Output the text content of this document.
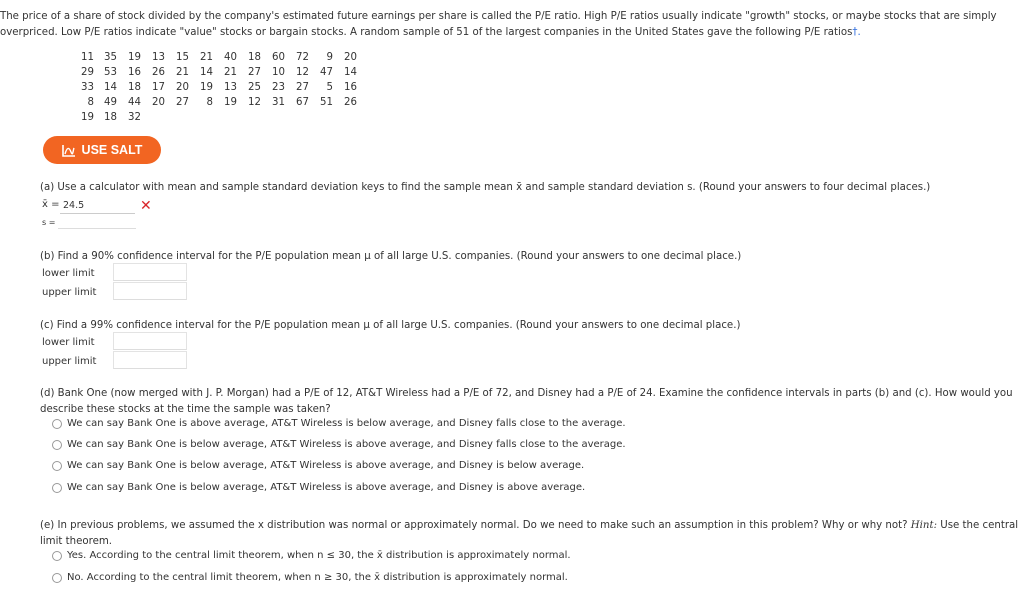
The price of a share of stock divided by the company's estimated future earnings per share is called the P/E ratio. High P/E ratios usually indicate "growth" stocks, or maybe stocks that are simply overpriced. Low P/E ratios indicate "value" stocks or bargain stocks. A random sample of 51 of the largest companies in the United States gave the following P/E ratios†.
11	35	19	13	15	21	40	18	60	72	9	20
29	53	16	26	21	14	21	27	10	12	47	14
33	14	18	17	20	19	13	25	23	27	5	16
8	49	44	20	27	8	19	12	31	67	51	26
19	18	32									
USE SALT
(a) Use a calculator with mean and sample standard deviation keys to find the sample mean x̄ and sample standard deviation s. (Round your answers to four decimal places.)
x̄ =
24.5	✕
s =
(b) Find a 90% confidence interval for the P/E population mean μ of all large U.S. companies. (Round your answers to one decimal place.)
lower limit
upper limit
(c) Find a 99% confidence interval for the P/E population mean μ of all large U.S. companies. (Round your answers to one decimal place.)
lower limit
upper limit
(d) Bank One (now merged with J. P. Morgan) had a P/E of 12, AT&T Wireless had a P/E of 72, and Disney had a P/E of 24. Examine the confidence intervals in parts (b) and (c). How would you describe these stocks at the time the sample was taken?
We can say Bank One is above average, AT&T Wireless is below average, and Disney falls close to the average.
We can say Bank One is below average, AT&T Wireless is above average, and Disney falls close to the average.
We can say Bank One is below average, AT&T Wireless is above average, and Disney is below average.
We can say Bank One is below average, AT&T Wireless is above average, and Disney is above average.
(e) In previous problems, we assumed the x distribution was normal or approximately normal. Do we need to make such an assumption in this problem? Why or why not? Hint: Use the central limit theorem.
Yes. According to the central limit theorem, when n ≤ 30, the x̄ distribution is approximately normal.
No. According to the central limit theorem, when n ≥ 30, the x̄ distribution is approximately normal.
